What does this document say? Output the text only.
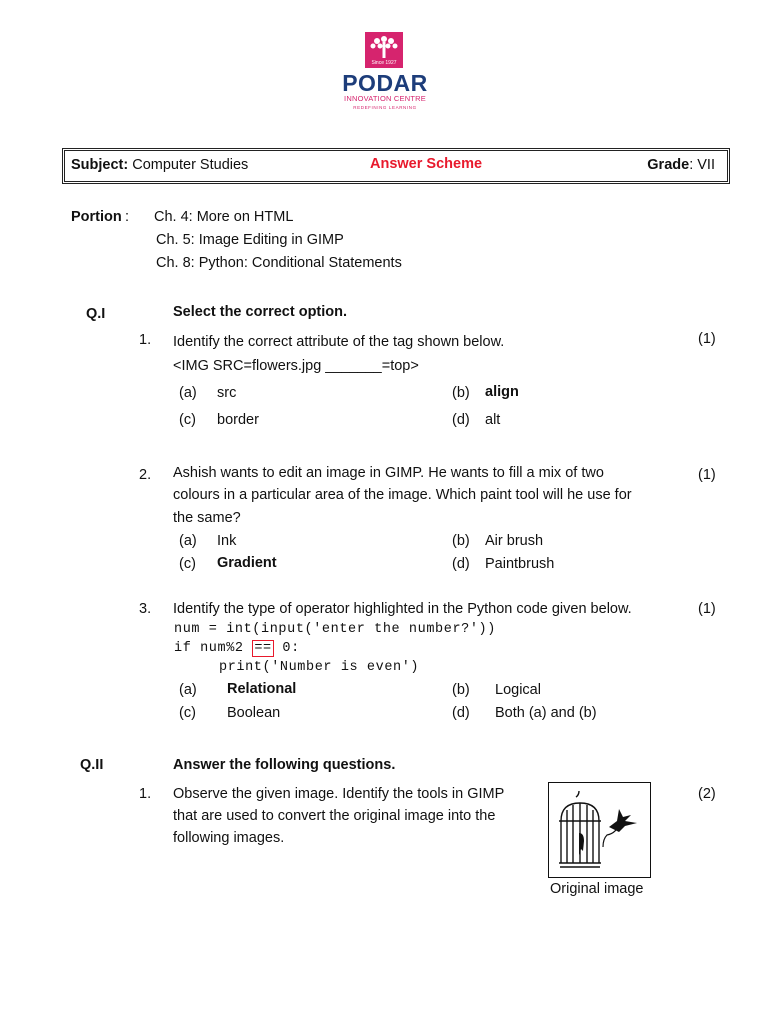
Since 1927
PODAR
INNOVATION CENTRE
REDEFINING LEARNING
Subject: Computer Studies	Answer Scheme	Grade: VII
Portion : Ch. 4: More on HTML
Ch. 5: Image Editing in GIMP
Ch. 8: Python: Conditional Statements
Q.I	Select the correct option.
1. Identify the correct attribute of the tag shown below.
<IMG SRC=flowers.jpg _______=top>
(1)
(a) src	(b) align
(c) border	(d) alt
2. Ashish wants to edit an image in GIMP. He wants to fill a mix of two
colours in a particular area of the image. Which paint tool will he use for
the same?
(1)
(a) Ink	(b) Air brush
(c) Gradient	(d) Paintbrush
3. Identify the type of operator highlighted in the Python code given below.	(1)
num = int(input('enter the number?'))
if num%2 == 0:
print('Number is even')
(a) Relational	(b) Logical
(c) Boolean	(d) Both (a) and (b)
Q.II	Answer the following questions.
1. Observe the given image. Identify the tools in GIMP
that are used to convert the original image into the
following images.
(2)
Original image
